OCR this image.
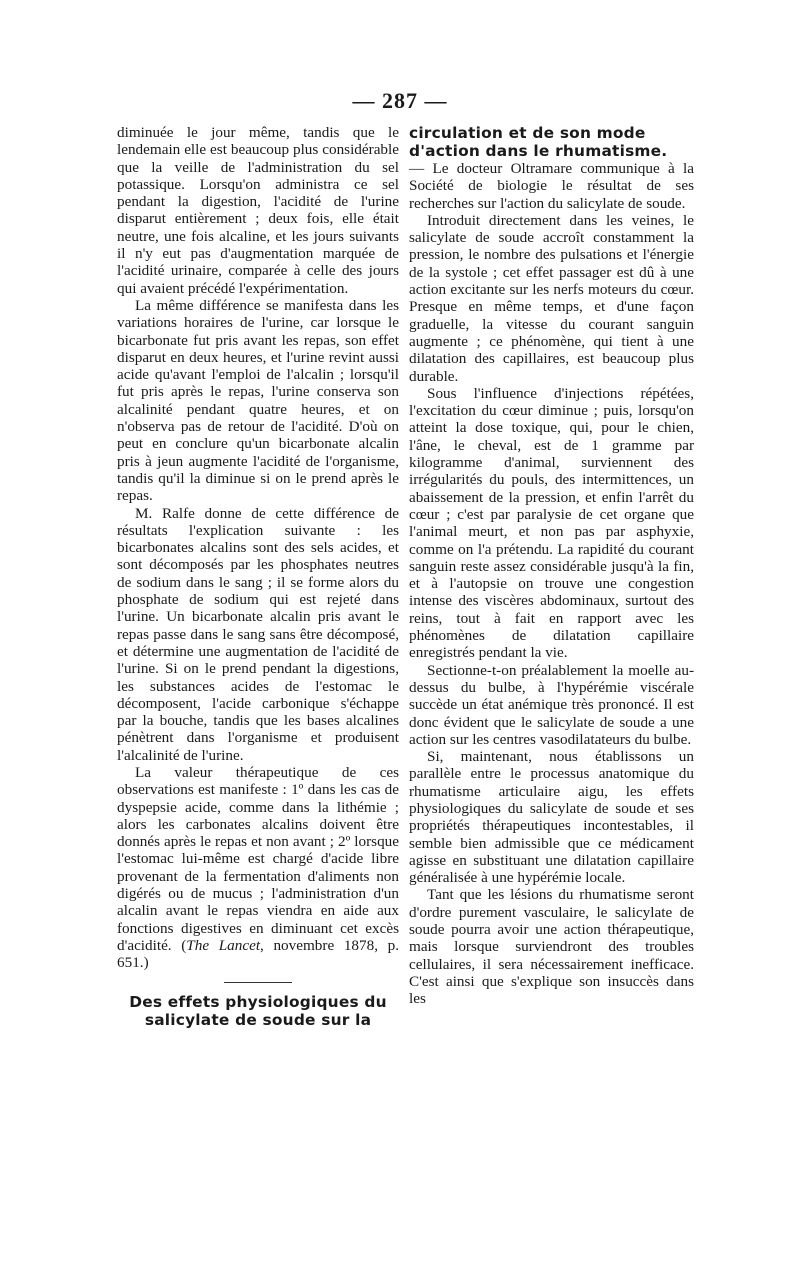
— 287 —

diminuée le jour même, tandis que le lendemain elle est beaucoup plus considérable que la veille de l'administration du sel potassique. Lorsqu'on administra ce sel pendant la digestion, l'acidité de l'urine disparut entièrement ; deux fois, elle était neutre, une fois alcaline, et les jours suivants il n'y eut pas d'augmentation marquée de l'acidité urinaire, comparée à celle des jours qui avaient précédé l'expérimentation.

La même différence se manifesta dans les variations horaires de l'urine, car lorsque le bicarbonate fut pris avant les repas, son effet disparut en deux heures, et l'urine revint aussi acide qu'avant l'emploi de l'alcalin ; lorsqu'il fut pris après le repas, l'urine conserva son alcalinité pendant quatre heures, et on n'observa pas de retour de l'acidité. D'où on peut en conclure qu'un bicarbonate alcalin pris à jeun augmente l'acidité de l'organisme, tandis qu'il la diminue si on le prend après le repas.

M. Ralfe donne de cette différence de résultats l'explication suivante : les bicarbonates alcalins sont des sels acides, et sont décomposés par les phosphates neutres de sodium dans le sang ; il se forme alors du phosphate de sodium qui est rejeté dans l'urine. Un bicarbonate alcalin pris avant le repas passe dans le sang sans être décomposé, et détermine une augmentation de l'acidité de l'urine. Si on le prend pendant la digestions, les substances acides de l'estomac le décomposent, l'acide carbonique s'échappe par la bouche, tandis que les bases alcalines pénètrent dans l'organisme et produisent l'alcalinité de l'urine.

La valeur thérapeutique de ces observations est manifeste : 1º dans les cas de dyspepsie acide, comme dans la lithémie ; alors les carbonates alcalins doivent être donnés après le repas et non avant ; 2º lorsque l'estomac lui-même est chargé d'acide libre provenant de la fermentation d'aliments non digérés ou de mucus ; l'administration d'un alcalin avant le repas viendra en aide aux fonctions digestives en diminuant cet excès d'acidité. (The Lancet, novembre 1878, p. 651.)

Des effets physiologiques du salicylate de soude sur la
circulation et de son mode d'action dans le rhumatisme.

— Le docteur Oltramare communique à la Société de biologie le résultat de ses recherches sur l'action du salicylate de soude.

Introduit directement dans les veines, le salicylate de soude accroît constamment la pression, le nombre des pulsations et l'énergie de la systole ; cet effet passager est dû à une action excitante sur les nerfs moteurs du cœur. Presque en même temps, et d'une façon graduelle, la vitesse du courant sanguin augmente ; ce phénomène, qui tient à une dilatation des capillaires, est beaucoup plus durable.

Sous l'influence d'injections répétées, l'excitation du cœur diminue ; puis, lorsqu'on atteint la dose toxique, qui, pour le chien, l'âne, le cheval, est de 1 gramme par kilogramme d'animal, surviennent des irrégularités du pouls, des intermittences, un abaissement de la pression, et enfin l'arrêt du cœur ; c'est par paralysie de cet organe que l'animal meurt, et non pas par asphyxie, comme on l'a prétendu. La rapidité du courant sanguin reste assez considérable jusqu'à la fin, et à l'autopsie on trouve une congestion intense des viscères abdominaux, surtout des reins, tout à fait en rapport avec les phénomènes de dilatation capillaire enregistrés pendant la vie.

Sectionne-t-on préalablement la moelle au-dessus du bulbe, à l'hypérémie viscérale succède un état anémique très prononcé. Il est donc évident que le salicylate de soude a une action sur les centres vasodilatateurs du bulbe.

Si, maintenant, nous établissons un parallèle entre le processus anatomique du rhumatisme articulaire aigu, les effets physiologiques du salicylate de soude et ses propriétés thérapeutiques incontestables, il semble bien admissible que ce médicament agisse en substituant une dilatation capillaire généralisée à une hypérémie locale.

Tant que les lésions du rhumatisme seront d'ordre purement vasculaire, le salicylate de soude pourra avoir une action thérapeutique, mais lorsque surviendront des troubles cellulaires, il sera nécessairement inefficace. C'est ainsi que s'explique son insuccès dans les
